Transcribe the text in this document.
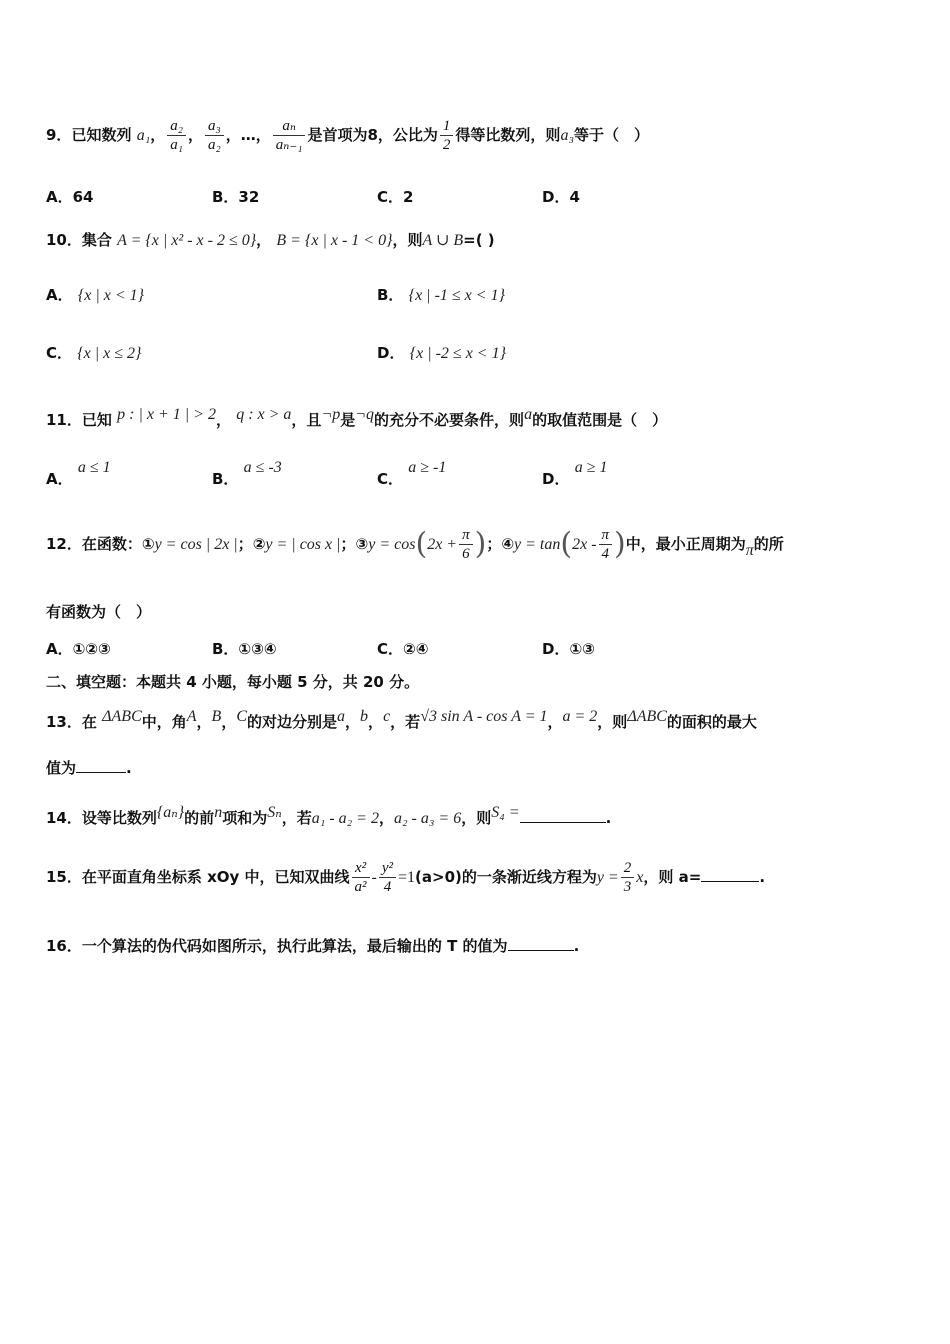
9．已知数列 a₁， $\frac{\text{a₂}}{\text{a₁}}$ ， $\frac{\text{a₃}}{\text{a₂}}$ ，…， $\frac{\text{aₙ}}{\text{aₙ₋₁}}$ 是首项为8，公比为 $\frac{1}{2}$ 得等比数列，则a₃等于（　）
A．64	B．32	C．2	D．4
10．集合 A = {x | x² - x - 2 ≤ 0}， B = {x | x - 1 < 0}，则A ∪ B=( )
A． {x | x < 1}	B． {x | -1 ≤ x < 1}
C． {x | x ≤ 2}	D． {x | -2 ≤ x < 1}
11．已知 p : | x + 1 | > 2， q : x > a，且¬p是¬q的充分不必要条件，则a的取值范围是（　）
A． a ≤ 1
B． a ≤ -3
C． a ≥ -1
D． a ≥ 1
12．在函数：①y = cos | 2x |；②y = | cos x |；③y = $\cos(2x + \frac{\pi}{6}$ )；④y = $\tan(2x - \frac{\pi}{4}$ )中，最小正周期为π的所
有函数为（　）
A．①②③	B．①③④	C．②④	D．①③
二、填空题：本题共 4 小题，每小题 5 分，共 20 分。
13．在 ΔABC中，角A，B，C的对边分别是a，b，c，若√3 sin A - cos A = 1，a = 2，则ΔABC的面积的最大
值为	.
14．设等比数列{aₙ}的前n项和为Sₙ，若a₁ - a₂ = 2，a₂ - a₃ = 6，则S₄ =	.
15．在平面直角坐标系 xOy 中，已知双曲线 $\frac{\text{x²}}{\text{a²}} - \frac{\text{y²}}{4} =1(a>0)$的一条渐近线方程为$y = \frac{2}{3}$ x，则 a=	.
16．一个算法的伪代码如图所示，执行此算法，最后输出的 T 的值为	.
